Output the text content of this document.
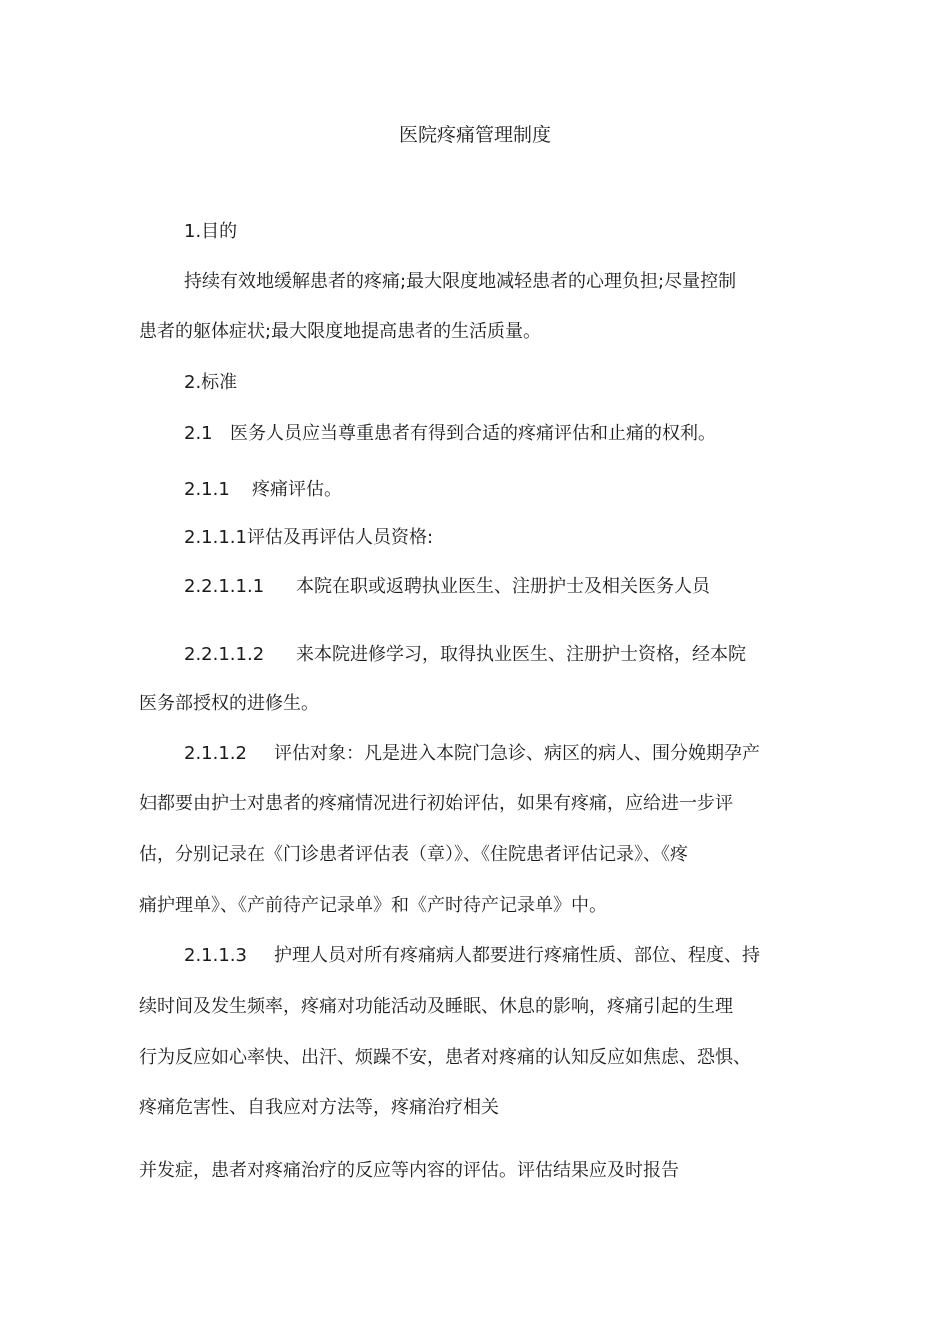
医院疼痛管理制度
1.目的
持续有效地缓解患者的疼痛;最大限度地减轻患者的心理负担;尽量控制
患者的躯体症状;最大限度地提高患者的生活质量。
2.标准
2.1 医务人员应当尊重患者有得到合适的疼痛评估和止痛的权利。
2.1.1 疼痛评估。
2.1.1.1评估及再评估人员资格:
2.2.1.1.1 本院在职或返聘执业医生、注册护士及相关医务人员
2.2.1.1.2 来本院进修学习，取得执业医生、注册护士资格，经本院
医务部授权的进修生。
2.1.1.2 评估对象：凡是进入本院门急诊、病区的病人、围分娩期孕产
妇都要由护士对患者的疼痛情况进行初始评估，如果有疼痛，应给进一步评
估，分别记录在《门诊患者评估表（章）》、《住院患者评估记录》、《疼
痛护理单》、《产前待产记录单》和《产时待产记录单》中。
2.1.1.3 护理人员对所有疼痛病人都要进行疼痛性质、部位、程度、持
续时间及发生频率，疼痛对功能活动及睡眠、休息的影响，疼痛引起的生理
行为反应如心率快、出汗、烦躁不安，患者对疼痛的认知反应如焦虑、恐惧、
疼痛危害性、自我应对方法等，疼痛治疗相关
并发症，患者对疼痛治疗的反应等内容的评估。评估结果应及时报告
